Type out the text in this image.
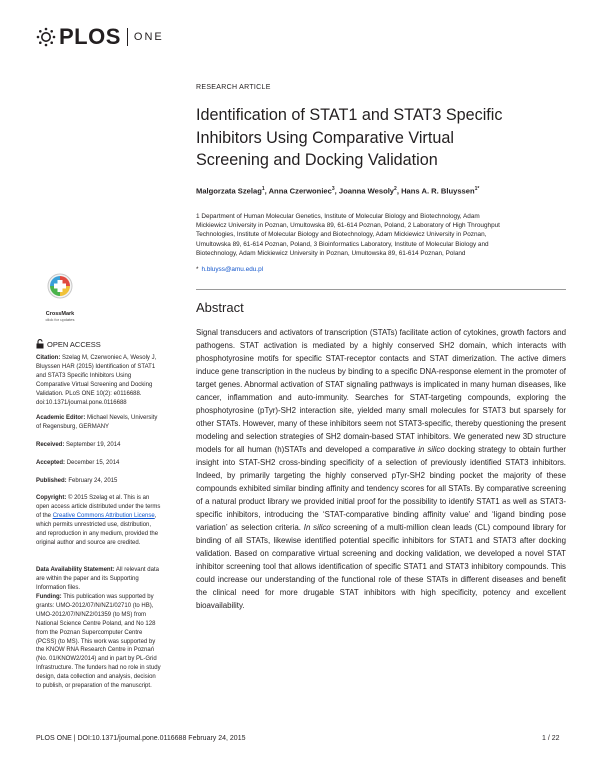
PLOS ONE
CrossMark
click for updates
OPEN ACCESS
Citation: Szelag M, Czerwoniec A, Wesoly J, Bluyssen HAR (2015) Identification of STAT1 and STAT3 Specific Inhibitors Using Comparative Virtual Screening and Docking Validation. PLoS ONE 10(2): e0116688. doi:10.1371/journal.pone.0116688
Academic Editor: Michael Nevels, University of Regensburg, GERMANY
Received: September 19, 2014
Accepted: December 15, 2014
Published: February 24, 2015
Copyright: © 2015 Szelag et al. This is an open access article distributed under the terms of the Creative Commons Attribution License, which permits unrestricted use, distribution, and reproduction in any medium, provided the original author and source are credited.
Data Availability Statement: All relevant data are within the paper and its Supporting Information files.
Funding: This publication was supported by grants: UMO-2012/07/N/NZ1/02710 (to HB), UMO-2012/07/N/NZ2/01359 (to MS) from National Science Centre Poland, and No 128 from the Poznan Supercomputer Centre (PCSS) (to MS). This work was supported by the KNOW RNA Research Centre in Poznań (No. 01/KNOW2/2014) and in part by PL-Grid Infrastructure. The funders had no role in study design, data collection and analysis, decision to publish, or preparation of the manuscript.
RESEARCH ARTICLE
Identification of STAT1 and STAT3 Specific
Inhibitors Using Comparative Virtual
Screening and Docking Validation
Malgorzata Szelag$^1$, Anna Czerwoniec$^3$, Joanna Wesoly$^2$, Hans A. R. Bluyssen$^{1*}$
1 Department of Human Molecular Genetics, Institute of Molecular Biology and Biotechnology, Adam
Mickiewicz University in Poznan, Umultowska 89, 61-614 Poznan, Poland, 2 Laboratory of High Throughput
Technologies, Institute of Molecular Biology and Biotechnology, Adam Mickiewicz University in Poznan,
Umultowska 89, 61-614 Poznan, Poland, 3 Bioinformatics Laboratory, Institute of Molecular Biology and
Biotechnology, Adam Mickiewicz University in Poznan, Umultowska 89, 61-614 Poznan, Poland
* h.bluyss@amu.edu.pl
Abstract

Signal transducers and activators of transcription (STATs) facilitate action of cytokines, growth factors and pathogens. STAT activation is mediated by a highly conserved SH2 domain, which interacts with phosphotyrosine motifs for specific STAT-receptor contacts and STAT dimerization. The active dimers induce gene transcription in the nucleus by binding to a specific DNA-response element in the promoter of target genes. Abnormal activation of STAT signaling pathways is implicated in many human diseases, like cancer, inflammation and auto-immunity. Searches for STAT-targeting compounds, exploring the phosphotyrosine (pTyr)-SH2 interaction site, yielded many small molecules for STAT3 but sparsely for other STATs. However, many of these inhibitors seem not STAT3-specific, thereby questioning the present modeling and selection strategies of SH2 domain-based STAT inhibitors. We generated new 3D structure models for all human (h)STATs and developed a comparative in silico docking strategy to obtain further insight into STAT-SH2 cross-binding specificity of a selection of previously identified STAT3 inhibitors. Indeed, by primarily targeting the highly conserved pTyr-SH2 binding pocket the majority of these compounds exhibited similar binding affinity and tendency scores for all STATs. By comparative screening of a natural product library we provided initial proof for the possibility to identify STAT1 as well as STAT3-specific inhibitors, introducing the ‘STAT-comparative binding affinity value’ and ‘ligand binding pose variation’ as selection criteria. In silico screening of a multi-million clean leads (CL) compound library for binding of all STATs, likewise identified potential specific inhibitors for STAT1 and STAT3 after docking validation. Based on comparative virtual screening and docking validation, we developed a novel STAT inhibitor screening tool that allows identification of specific STAT1 and STAT3 inhibitory compounds. This could increase our understanding of the functional role of these STATs in different diseases and benefit the clinical need for more drugable STAT inhibitors with high specificity, potency and excellent bioavailability.

PLOS ONE | DOI:10.1371/journal.pone.0116688 February 24, 2015	1 / 22
